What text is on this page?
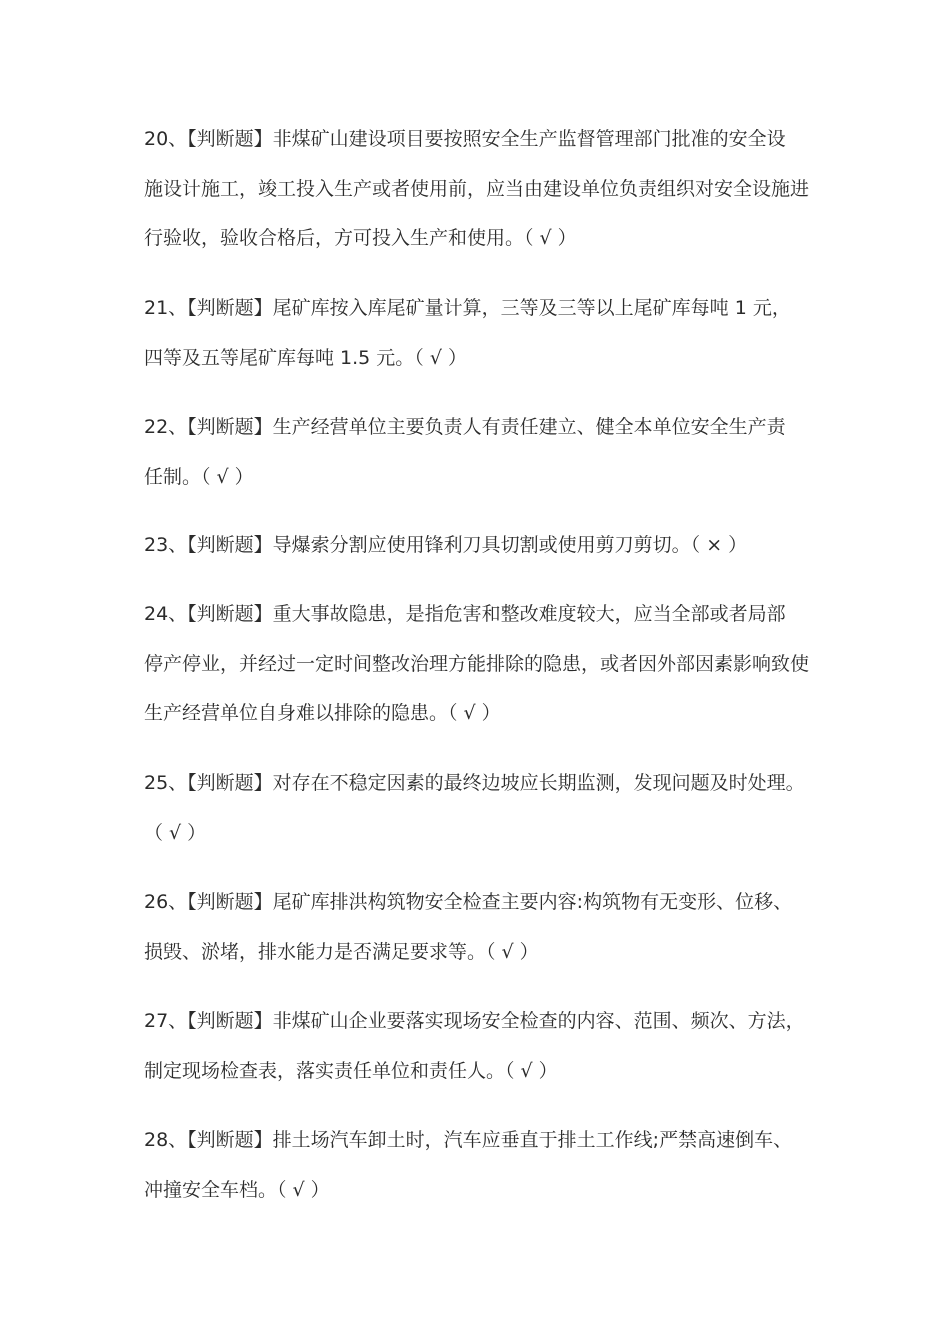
20、【判断题】非煤矿山建设项目要按照安全生产监督管理部门批准的安全设
施设计施工，竣工投入生产或者使用前，应当由建设单位负责组织对安全设施进
行验收，验收合格后，方可投入生产和使用。（ √ ）
21、【判断题】尾矿库按入库尾矿量计算，三等及三等以上尾矿库每吨 1 元，
四等及五等尾矿库每吨 1.5 元。（ √ ）
22、【判断题】生产经营单位主要负责人有责任建立、健全本单位安全生产责
任制。（ √ ）
23、【判断题】导爆索分割应使用锋利刀具切割或使用剪刀剪切。（ × ）
24、【判断题】重大事故隐患，是指危害和整改难度较大，应当全部或者局部
停产停业，并经过一定时间整改治理方能排除的隐患，或者因外部因素影响致使
生产经营单位自身难以排除的隐患。（ √ ）
25、【判断题】对存在不稳定因素的最终边坡应长期监测，发现问题及时处理。
（ √ ）
26、【判断题】尾矿库排洪构筑物安全检查主要内容:构筑物有无变形、位移、
损毁、淤堵，排水能力是否满足要求等。（ √ ）
27、【判断题】非煤矿山企业要落实现场安全检查的内容、范围、频次、方法，
制定现场检查表，落实责任单位和责任人。（ √ ）
28、【判断题】排土场汽车卸土时，汽车应垂直于排土工作线;严禁高速倒车、
冲撞安全车档。（ √ ）
